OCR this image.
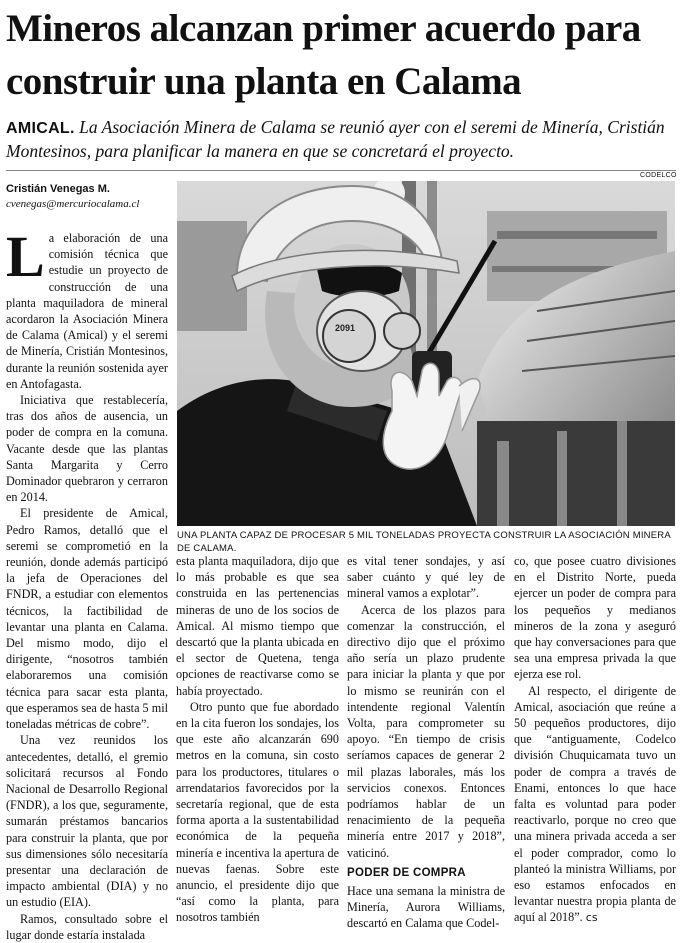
Mineros alcanzan primer acuerdo para construir una planta en Calama
AMICAL. La Asociación Minera de Calama se reunió ayer con el seremi de Minería, Cristián Montesinos, para planificar la manera en que se concretará el proyecto.
Cristián Venegas M.
cvenegas@mercuriocalama.cl
CODELCO
2091
UNA PLANTA CAPAZ DE PROCESAR 5 MIL TONELADAS PROYECTA CONSTRUIR LA ASOCIACIÓN MINERA DE CALAMA.

La elaboración de una comisión técnica que estudie un proyecto de construcción de una planta maquiladora de mineral acordaron la Asociación Minera de Calama (Amical) y el seremi de Minería, Cristián Montesinos, durante la reunión sostenida ayer en Antofagasta.

Iniciativa que restablecería, tras dos años de ausencia, un poder de compra en la comuna. Vacante desde que las plantas Santa Margarita y Cerro Dominador quebraron y cerraron en 2014.

El presidente de Amical, Pedro Ramos, detalló que el seremi se comprometió en la reunión, donde además participó la jefa de Operaciones del FNDR, a estudiar con elementos técnicos, la factibilidad de levantar una planta en Calama. Del mismo modo, dijo el dirigente, “nosotros también elaboraremos una comisión técnica para sacar esta planta, que esperamos sea de hasta 5 mil toneladas métricas de cobre”.

Una vez reunidos los antecedentes, detalló, el gremio solicitará recursos al Fondo Nacional de Desarrollo Regional (FNDR), a los que, seguramente, sumarán préstamos bancarios para construir la planta, que por sus dimensiones sólo necesitaría presentar una declaración de impacto ambiental (DIA) y no un estudio (EIA).

Ramos, consultado sobre el lugar donde estaría instalada

esta planta maquiladora, dijo que lo más probable es que sea construida en las pertenencias mineras de uno de los socios de Amical. Al mismo tiempo que descartó que la planta ubicada en el sector de Quetena, tenga opciones de reactivarse como se había proyectado.

Otro punto que fue abordado en la cita fueron los sondajes, los que este año alcanzarán 690 metros en la comuna, sin costo para los productores, titulares o arrendatarios favorecidos por la secretaría regional, que de esta forma aporta a la sustentabilidad económica de la pequeña minería e incentiva la apertura de nuevas faenas. Sobre este anuncio, el presidente dijo que “así como la planta, para nosotros también

es vital tener sondajes, y así saber cuánto y qué ley de mineral vamos a explotar”.

Acerca de los plazos para comenzar la construcción, el directivo dijo que el próximo año sería un plazo prudente para iniciar la planta y que por lo mismo se reunirán con el intendente regional Valentín Volta, para comprometer su apoyo. “En tiempo de crisis seríamos capaces de generar 2 mil plazas laborales, más los servicios conexos. Entonces podríamos hablar de un renacimiento de la pequeña minería entre 2017 y 2018”, vaticinó.

PODER DE COMPRA

Hace una semana la ministra de Minería, Aurora Williams, descartó en Calama que Codel-

co, que posee cuatro divisiones en el Distrito Norte, pueda ejercer un poder de compra para los pequeños y medianos mineros de la zona y aseguró que hay conversaciones para que sea una empresa privada la que ejerza ese rol.

Al respecto, el dirigente de Amical, asociación que reúne a 50 pequeños productores, dijo que “antiguamente, Codelco división Chuquicamata tuvo un poder de compra a través de Enami, entonces lo que hace falta es voluntad para poder reactivarlo, porque no creo que una minera privada acceda a ser el poder comprador, como lo planteó la ministra Williams, por eso estamos enfocados en levantar nuestra propia planta de aquí al 2018”. cs
